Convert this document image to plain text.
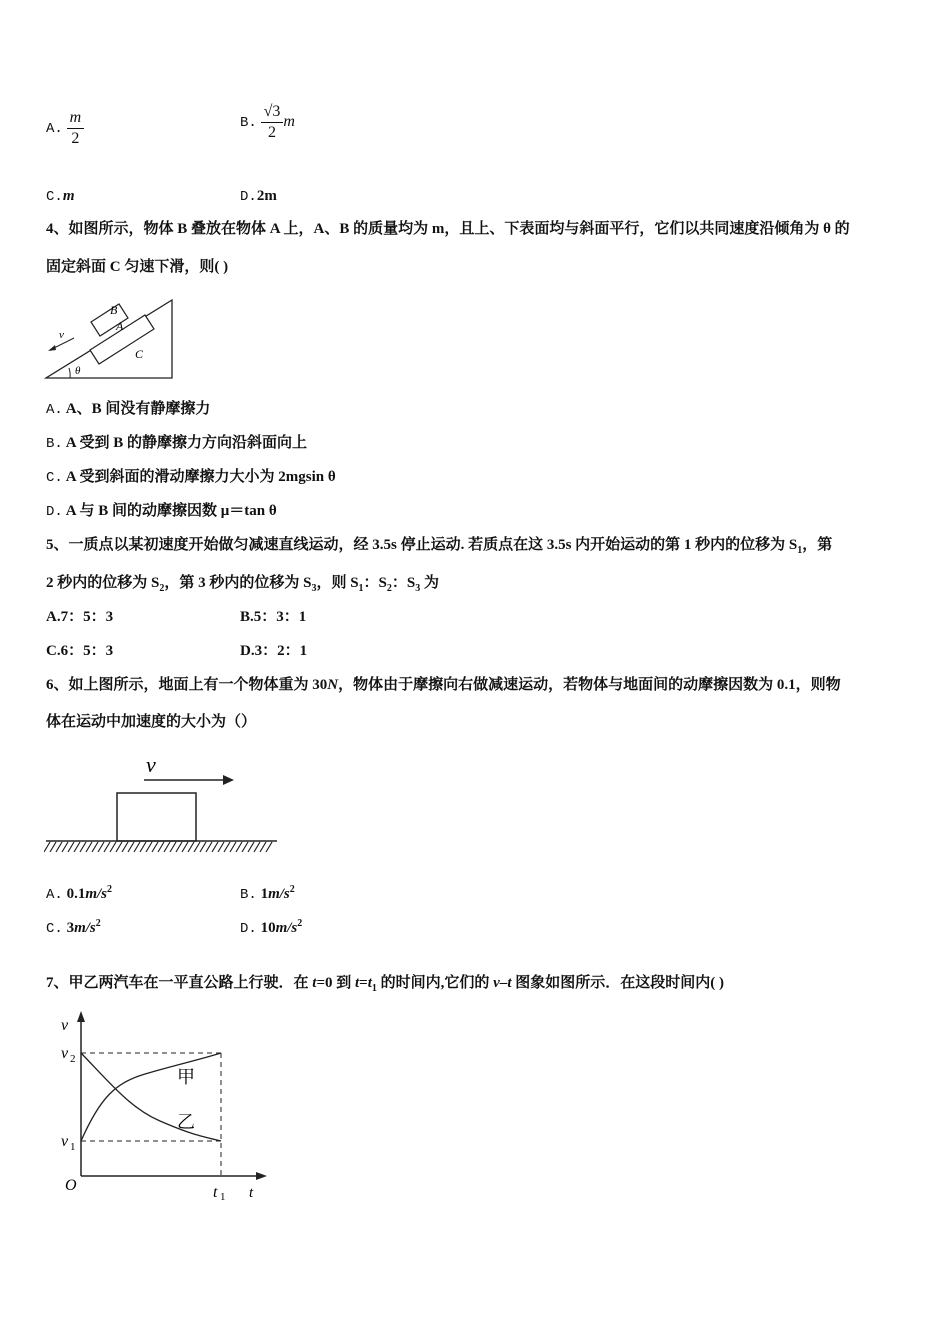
A. $\frac{m}{2}$	B. $\frac{√3}{2}$ m
C.m	D.2m
4、如图所示，物体 B 叠放在物体 A 上，A、B 的质量均为 m，且上、下表面均与斜面平行，它们以共同速度沿倾角为 θ 的
固定斜面 C 匀速下滑，则( )
B
A
C
v
θ
A. A、B 间没有静摩擦力
B. A 受到 B 的静摩擦力方向沿斜面向上
C. A 受到斜面的滑动摩擦力大小为 2mgsin θ
D. A 与 B 间的动摩擦因数 μ＝tan θ
5、一质点以某初速度开始做匀减速直线运动，经 3.5s 停止运动. 若质点在这 3.5s 内开始运动的第 1 秒内的位移为 $S_1$，第
2 秒内的位移为 $S_2$，第 3 秒内的位移为 $S_3$，则 $S_1$：$S_2$：$S_3$ 为
A.7：5：3	B.5：3：1
C.6：5：3	D.3：2：1
6、如上图所示，地面上有一个物体重为 30N，物体由于摩擦向右做减速运动，若物体与地面间的动摩擦因数为 0.1，则物
体在运动中加速度的大小为（）
v
A. $0.1m/s^2$	B. $1m/s^2$
C. $3m/s^2$	D. $10m/s^2$
7、甲乙两汽车在一平直公路上行驶．在 t=0 到 $t=t_1$ 的时间内,它们的 v–t 图象如图所示．在这段时间内( )
v
t
O
v 2
v 1
t 1
甲
乙
